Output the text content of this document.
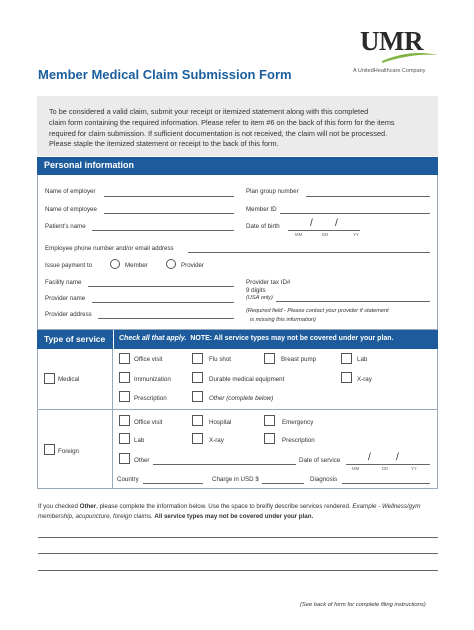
UMR
A UnitedHealthcare Company
Member Medical Claim Submission Form
To be considered a valid claim, submit your receipt or itemized statement along with this completed
claim form containing the required information. Please refer to item #6 on the back of this form for the items
required for claim submission. If sufficient documentation is not received, the claim will not be processed.
Please staple the itemized statement or receipt to the back of this form.
Personal information
Name of employer	Plan group number
Name of employee	Member ID
Patient's name	Date of birth	/ /
MM	DD	YY
Employee phone number and/or email address
Issue payment to	Member	Provider
Facility name	Provider tax ID#
9 digits
(USA only)
Provider name
(Required field - Please contact your provider if statement
is missing this information)
Provider address
Type of service Check all that apply. NOTE: All service types may not be covered under your plan.
Medical
Office visit	Flu shot	Breast pump	Lab
Immunization	Durable medical equipment	X-ray
Prescription	Other (complete below)
Foreign
Office visit	Hospital	Emergency
Lab	X-ray	Prescription
Other	Date of service	/	/
MM	DD	YY
Country	Charge in USD $	Diagnosis
If you checked Other, please complete the information below. Use the space to breifly describe services rendered. Example - Wellness/gym membership, acupuncture, foreign claims. All service types may not be covered under your plan.
(See back of form for complete filing instructions)
